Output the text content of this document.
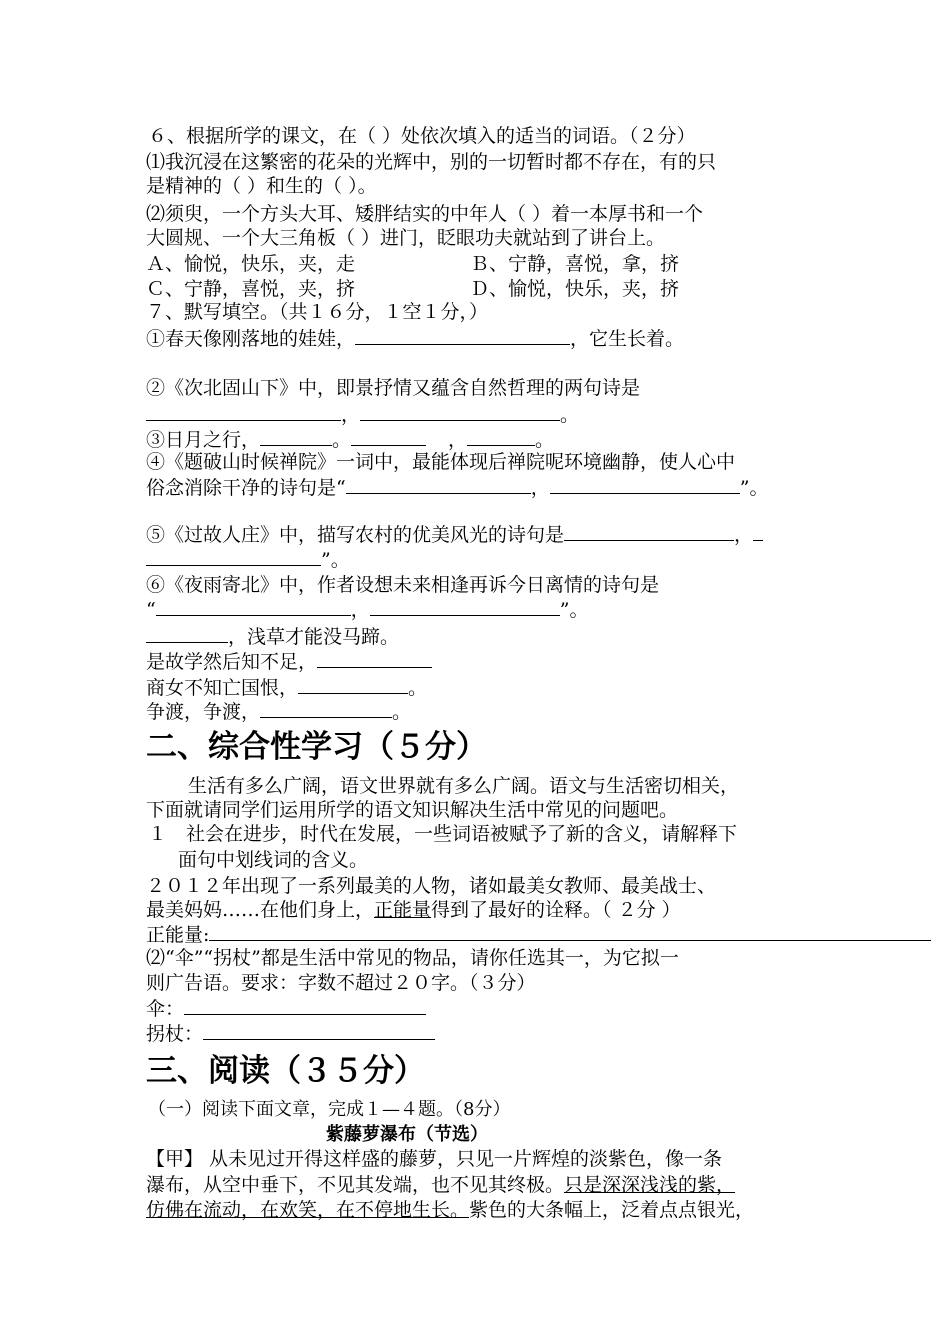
６、根据所学的课文，在（ ）处依次填入的适当的词语。（２分）
⑴我沉浸在这繁密的花朵的光辉中，别的一切暂时都不存在，有的只
是精神的（ ）和生的（ ）。
⑵须臾，一个方头大耳、矮胖结实的中年人（ ）着一本厚书和一个
大圆规、一个大三角板（ ）进门，眨眼功夫就站到了讲台上。
Ａ、愉悦，快乐，夹，走	Ｂ、宁静，喜悦，拿，挤
Ｃ、宁静，喜悦，夹，挤	Ｄ、愉悦，快乐，夹，挤
７、默写填空。（共１６分，１空１分，）
①春天像刚落地的娃娃，	，它生长着。
②《次北固山下》中，即景抒情又蕴含自然哲理的两句诗是
，	。
③日月之行，	。	，	。
④《题破山时候禅院》一词中，最能体现后禅院呢环境幽静，使人心中
俗念消除干净的诗句是“	，	”。
⑤《过故人庄》中，描写农村的优美风光的诗句是	，
”。
⑥《夜雨寄北》中，作者设想未来相逢再诉今日离情的诗句是
“	，	”。
，浅草才能没马蹄。
是故学然后知不足，
商女不知亡国恨，	。
争渡，争渡，	。
二、综合性学习（５分）
生活有多么广阔，语文世界就有多么广阔。语文与生活密切相关，
下面就请同学们运用所学的语文知识解决生活中常见的问题吧。
１　社会在进步，时代在发展，一些词语被赋予了新的含义，请解释下
面句中划线词的含义。
２０１２年出现了一系列最美的人物，诸如最美女教师、最美战士、
最美妈妈……在他们身上，正能量得到了最好的诠释。（ ２分 ）
正能量:
⑵“伞”“拐杖”都是生活中常见的物品，请你任选其一，为它拟一
则广告语。要求：字数不超过２０字。（３分）
伞：
拐杖：
三、阅读（３５分）
（一）阅读下面文章，完成１—４题。（8分）
紫藤萝瀑布（节选）
【甲】 从未见过开得这样盛的藤萝，只见一片辉煌的淡紫色，像一条
瀑布，从空中垂下，不见其发端，也不见其终极。只是深深浅浅的紫，
仿佛在流动，在欢笑，在不停地生长。紫色的大条幅上，泛着点点银光，
